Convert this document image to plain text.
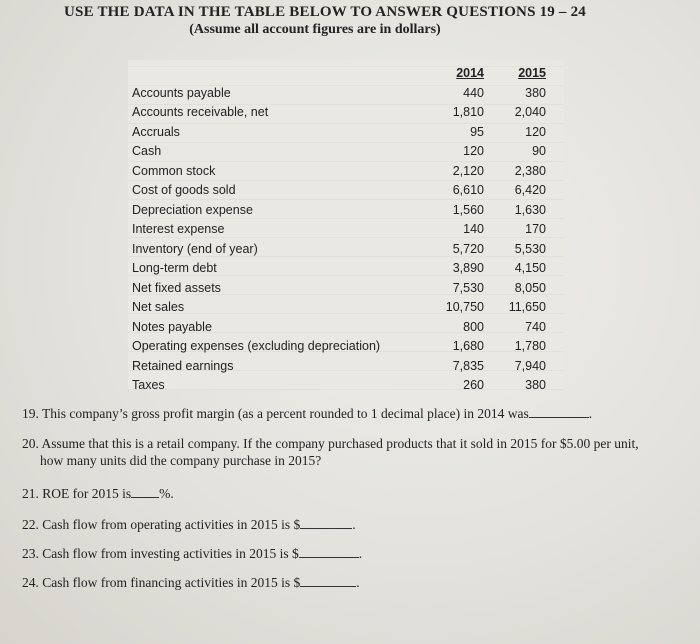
USE THE DATA IN THE TABLE BELOW TO ANSWER QUESTIONS 19 – 24
(Assume all account figures are in dollars)
	2014	2015
Accounts payable	440	380
Accounts receivable, net	1,810	2,040
Accruals	95	120
Cash	120	90
Common stock	2,120	2,380
Cost of goods sold	6,610	6,420
Depreciation expense	1,560	1,630
Interest expense	140	170
Inventory (end of year)	5,720	5,530
Long-term debt	3,890	4,150
Net fixed assets	7,530	8,050
Net sales	10,750	11,650
Notes payable	800	740
Operating expenses (excluding depreciation)	1,680	1,780
Retained earnings	7,835	7,940
Taxes	260	380
19. This company’s gross profit margin (as a percent rounded to 1 decimal place) in 2014 was	.
20. Assume that this is a retail company. If the company purchased products that it sold in 2015 for $5.00 per unit,
how many units did the company purchase in 2015?
21. ROE for 2015 is %.
22. Cash flow from operating activities in 2015 is $	.
23. Cash flow from investing activities in 2015 is $	.
24. Cash flow from financing activities in 2015 is $	.
